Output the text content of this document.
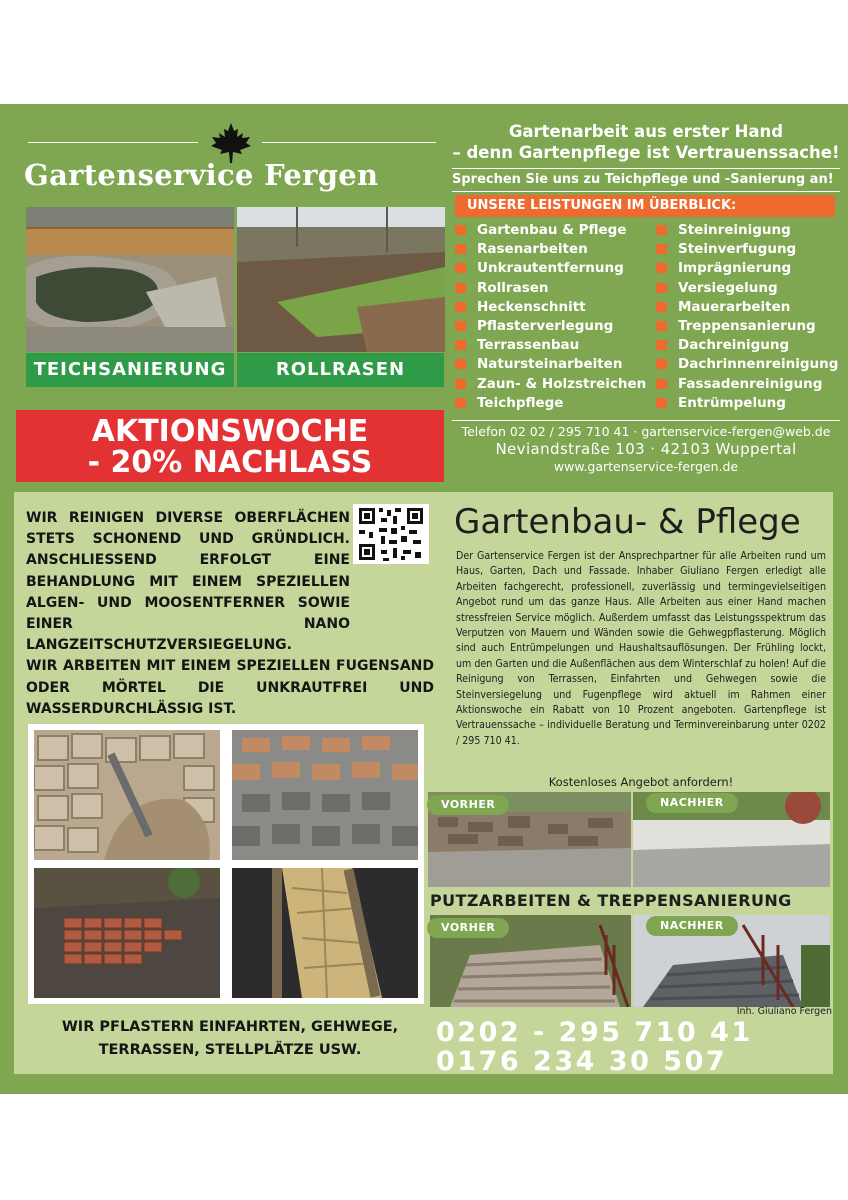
Gartenservice Fergen
TEICHSANIERUNG	ROLLRASEN
AKTIONSWOCHE
- 20% NACHLASS
Gartenarbeit aus erster Hand
– denn Gartenpflege ist Vertrauenssache!
Sprechen Sie uns zu Teichpflege und -Sanierung an!
UNSERE LEISTUNGEN IM ÜBERBLICK:
Gartenbau & Pflege
Rasenarbeiten
Unkrautentfernung
Rollrasen
Heckenschnitt
Pflasterverlegung
Terrassenbau
Natursteinarbeiten
Zaun- & Holzstreichen
Teichpflege
Steinreinigung
Steinverfugung
Imprägnierung
Versiegelung
Mauerarbeiten
Treppensanierung
Dachreinigung
Dachrinnenreinigung
Fassadenreinigung
Entrümpelung
Telefon 02 02 / 295 710 41 · gartenservice-fergen@web.de
Neviandstraße 103 · 42103 Wuppertal
www.gartenservice-fergen.de
WIR REINIGEN DIVERSE OBERFLÄCHEN STETS SCHONEND UND GRÜNDLICH. ANSCHLIESSEND ERFOLGT EINE BEHANDLUNG MIT EINEM SPEZIELLEN ALGEN- UND MOOSENTFERNER SOWIE EINER NANO LANGZEITSCHUTZVERSIEGELUNG.
WIR ARBEITEN MIT EINEM SPEZIELLEN FUGENSAND ODER MÖRTEL DIE UNKRAUTFREI UND WASSERDURCHLÄSSIG IST.
WIR PFLASTERN EINFAHRTEN, GEHWEGE,
TERRASSEN, STELLPLÄTZE USW.
Gartenbau- & Pflege
Der Gartenservice Fergen ist der Ansprechpartner für alle Arbeiten rund um Haus, Garten, Dach und Fassade. Inhaber Giuliano Fergen erledigt alle Arbeiten fachgerecht, professionell, zuverlässig und termingevielseitigen Angebot rund um das ganze Haus. Alle Arbeiten aus einer Hand machen stressfreien Service möglich. Außerdem umfasst das Leistungsspektrum das Verputzen von Mauern und Wänden sowie die Gehwegpflasterung. Möglich sind auch Entrümpelungen und Haushaltsauflösungen. Der Frühling lockt, um den Garten und die Außenflächen aus dem Winterschlaf zu holen! Auf die Reinigung von Terrassen, Einfahrten und Gehwegen sowie die Steinversiegelung und Fugenpflege wird aktuell im Rahmen einer Aktionswoche ein Rabatt von 10 Prozent angeboten. Gartenpflege ist Vertrauenssache – individuelle Beratung und Terminvereinbarung unter 0202 / 295 710 41.
Kostenloses Angebot anfordern!
VORHER	NACHHER
PUTZARBEITEN & TREPPENSANIERUNG
VORHER	NACHHER
Inh. Giuliano Fergen
0202 - 295 710 41
0176 234 30 507
